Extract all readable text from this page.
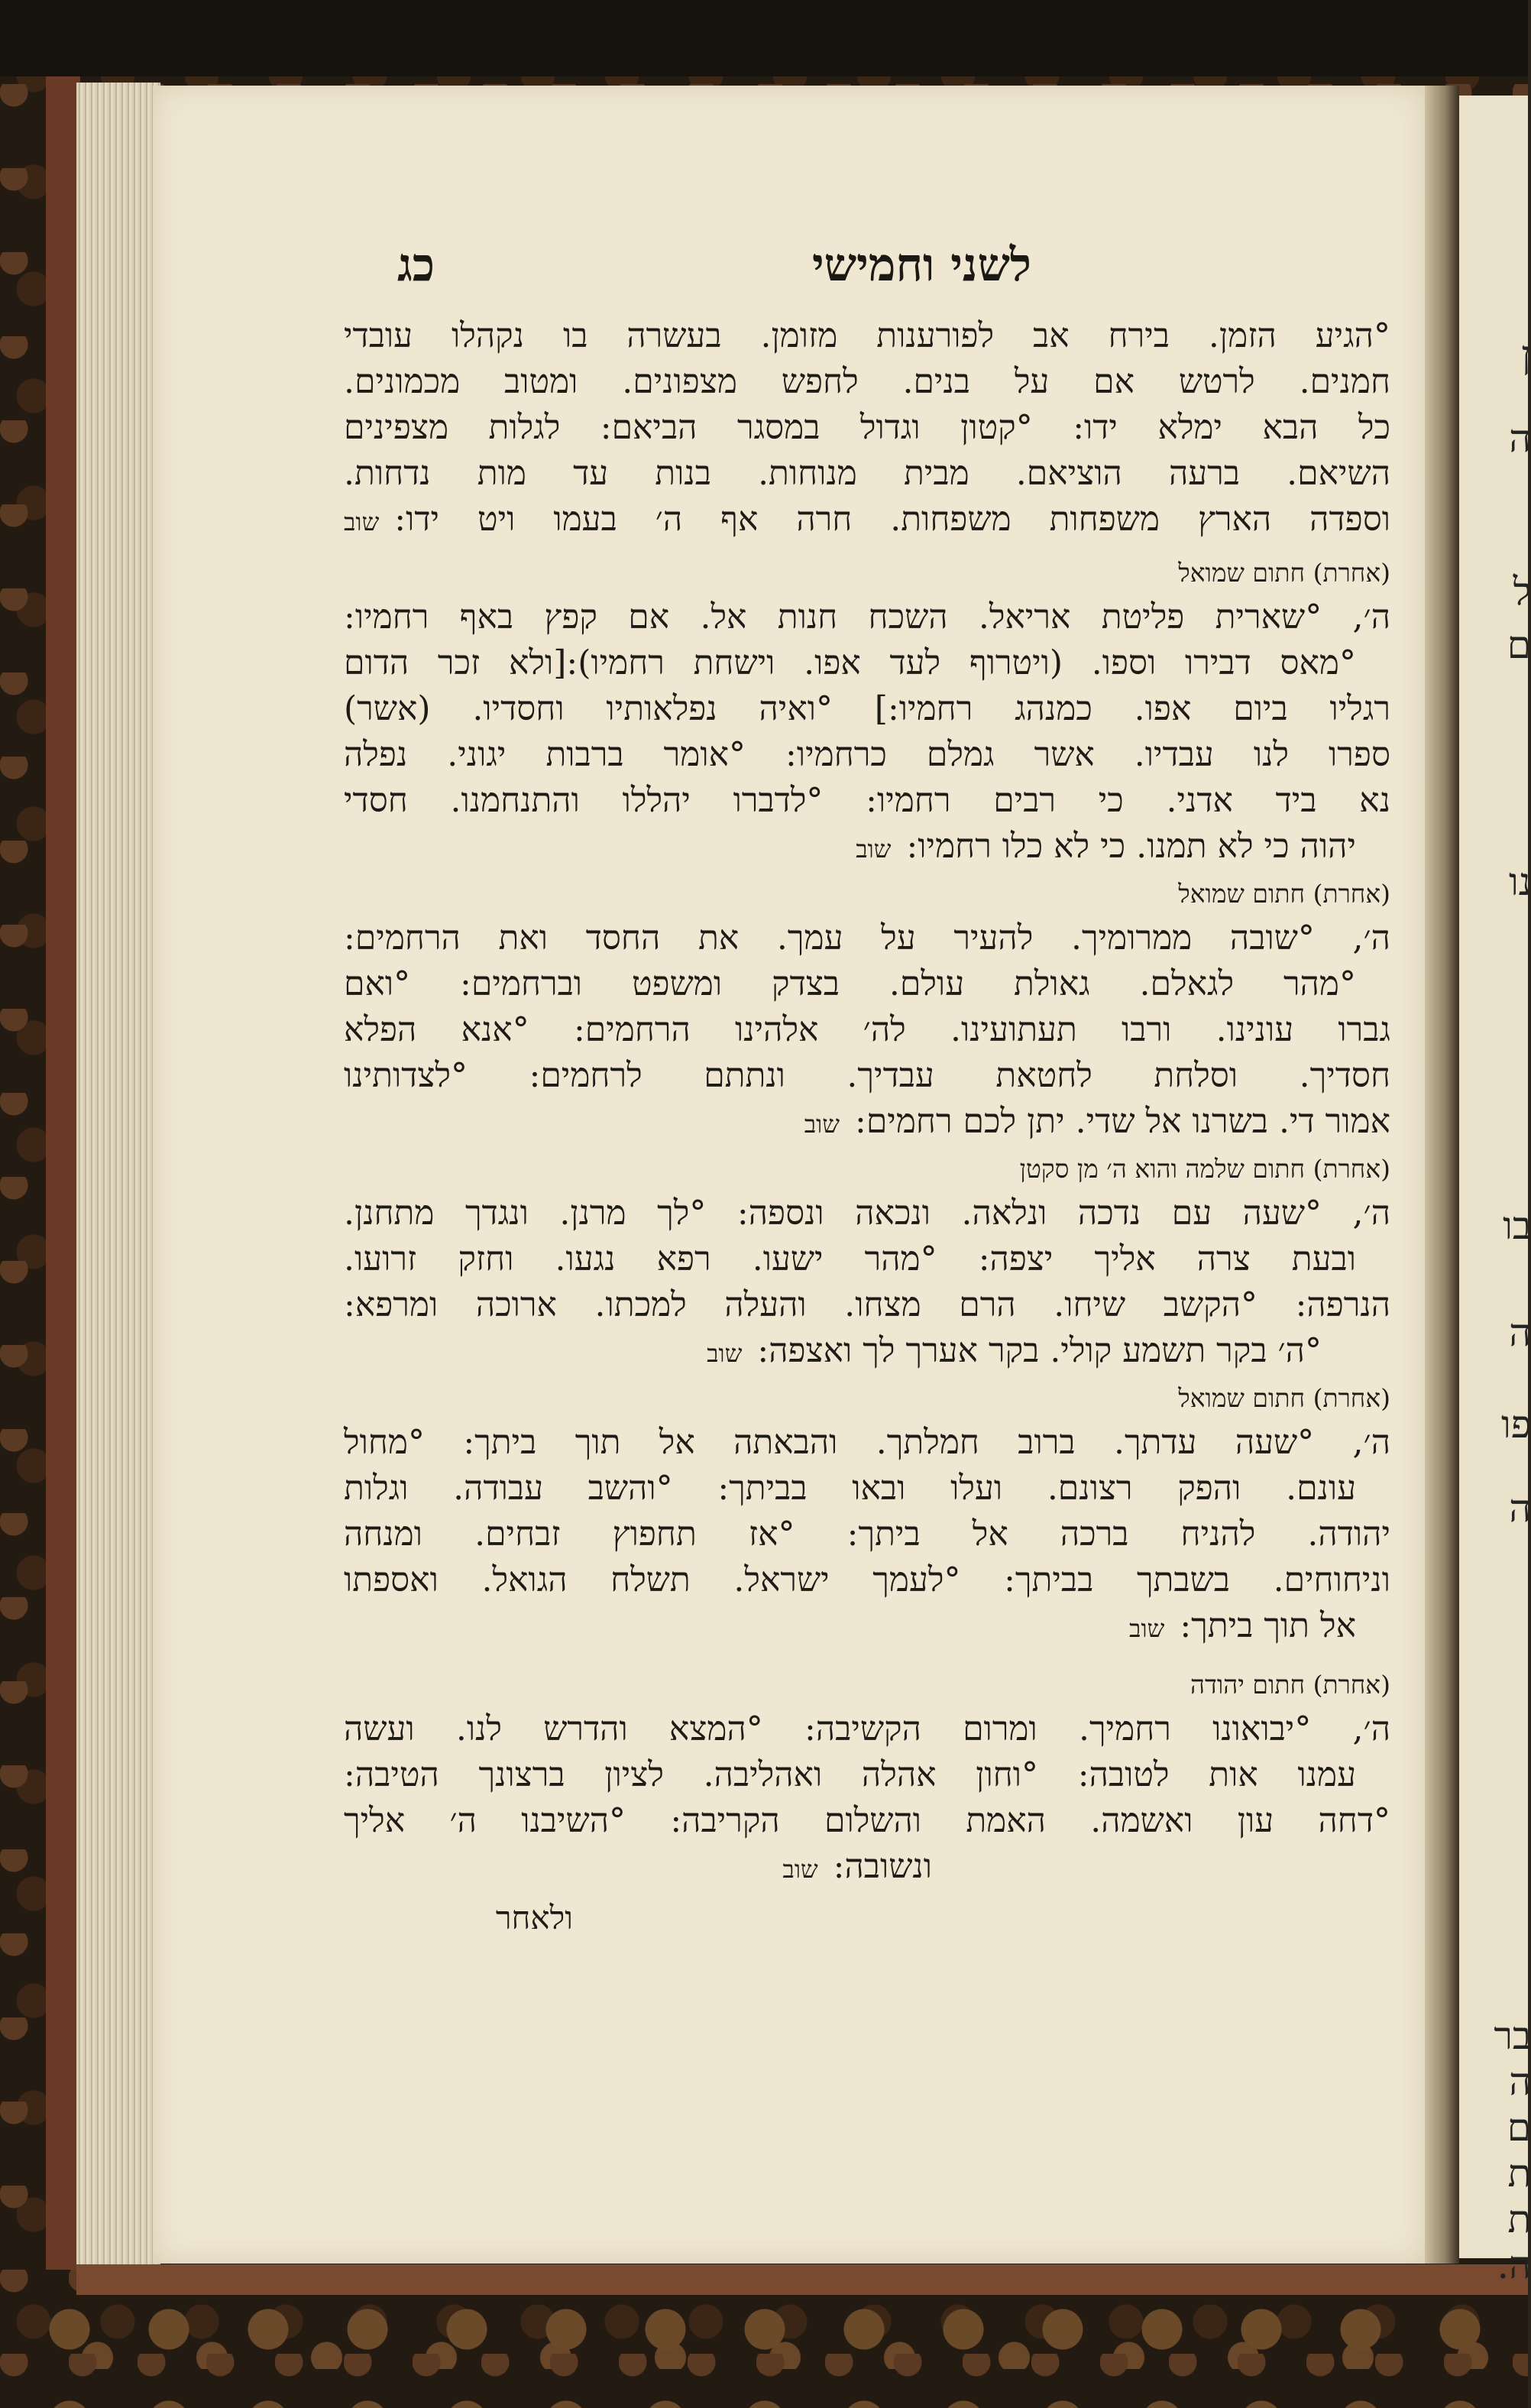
ן
ה
ל
ם
נו
בו
ה
פו
ה
בר
ה
ם
ת
ת
ה.
לשני וחמישי
כג
°הגיע הזמן. בירח אב לפורענות מזומן. בעשרה בו נקהלו עובדי
חמנים. לרטש אם על בנים. לחפש מצפונים. ומטוב מכמונים.
כל הבא ימלא ידו: °קטון וגדול במסגר הביאם: לגלות מצפינים
השיאם. ברעה הוציאם. מבית מנוחות. בנות עד מות נדחות.
וספדה הארץ משפחות משפחות. חרה אף ה׳ בעמו ויט ידו:שוב
(אחרת) חתום שמואל
ה׳, °שארית פליטת אריאל. השכח חנות אל. אם קפץ באף רחמיו:
°מאס דבירו וספו. (ויטרוף לעד אפו. וישחת רחמיו):[ולא זכר הדום
רגליו ביום אפו. כמנהג רחמיו:] °ואיה נפלאותיו וחסדיו. (אשר)
ספרו לנו עבדיו. אשר גמלם כרחמיו: °אומר ברבות יגוני. נפלה
נא ביד אדני. כי רבים רחמיו: °לדברו יהללו והתנחמנו. חסדי
יהוה כי לא תמנו. כי לא כלו רחמיו:שוב
(אחרת) חתום שמואל
ה׳, °שובה ממרומיך. להעיר על עמך. את החסד ואת הרחמים:
°מהר לגאלם. גאולת עולם. בצדק ומשפט וברחמים: °ואם
גברו עונינו. ורבו תעתועינו. לה׳ אלהינו הרחמים: °אנא הפלא
חסדיך. וסלחת לחטאת עבדיך. ונתתם לרחמים: °לצדותינו
אמור די. בשרנו אל שדי. יתן לכם רחמים:שוב
(אחרת) חתום שלמה והוא ה׳ מן סקטן
ה׳, °שעה עם נדכה ונלאה. ונכאה ונספה: °לך מרנן. ונגדך מתחנן.
ובעת צרה אליך יצפה: °מהר ישעו. רפא נגעו. וחזק זרועו.
הנרפה: °הקשב שיחו. הרם מצחו. והעלה למכתו. ארוכה ומרפא:
°ה׳ בקר תשמע קולי. בקר אערך לך ואצפה:שוב
(אחרת) חתום שמואל
ה׳, °שעה עדתך. ברוב חמלתך. והבאתה אל תוך ביתך: °מחול
עונם. והפק רצונם. ועלו ובאו בביתך: °והשב עבודה. וגלות
יהודה. להניח ברכה אל ביתך: °אז תחפוץ זבחים. ומנחה
וניחוחים. בשבתך בביתך: °לעמך ישראל. תשלח הגואל. ואספתו
אל תוך ביתך:שוב
(אחרת) חתום יהודה
ה׳, °יבואונו רחמיך. ומרום הקשיבה: °המצא והדרש לנו. ועשה
עמנו אות לטובה: °וחון אהלה ואהליבה. לציון ברצונך הטיבה:
°דחה עון ואשמה. האמת והשלום הקריבה: °השיבנו ה׳ אליך
ונשובה:שוב
ולאחר
